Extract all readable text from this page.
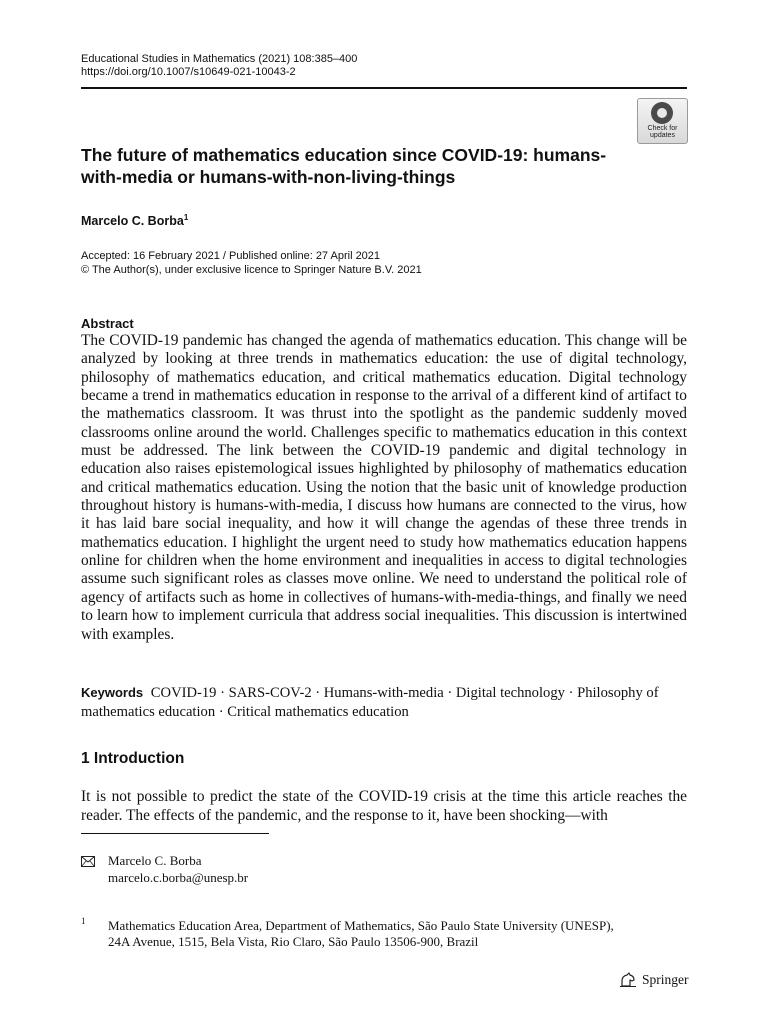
Educational Studies in Mathematics (2021) 108:385–400
https://doi.org/10.1007/s10649-021-10043-2
Check for
updates
The future of mathematics education since COVID-19: humans-with-media or humans-with-non-living-things
Marcelo C. Borba$^1$
Accepted: 16 February 2021 / Published online: 27 April 2021
© The Author(s), under exclusive licence to Springer Nature B.V. 2021
Abstract

The COVID-19 pandemic has changed the agenda of mathematics education. This change will be analyzed by looking at three trends in mathematics education: the use of digital technology, philosophy of mathematics education, and critical mathematics education. Digital technology became a trend in mathematics education in response to the arrival of a different kind of artifact to the mathematics classroom. It was thrust into the spotlight as the pandemic suddenly moved classrooms online around the world. Challenges specific to mathematics education in this context must be addressed. The link between the COVID-19 pandemic and digital technology in education also raises epistemological issues highlighted by philosophy of mathematics education and critical mathematics education. Using the notion that the basic unit of knowledge production throughout history is humans-with-media, I discuss how humans are connected to the virus, how it has laid bare social inequality, and how it will change the agendas of these three trends in mathematics education. I highlight the urgent need to study how mathematics education happens online for children when the home environment and inequalities in access to digital technologies assume such significant roles as classes move online. We need to understand the political role of agency of artifacts such as home in collectives of humans-with-media-things, and finally we need to learn how to implement curricula that address social inequalities. This discussion is intertwined with examples.

Keywords COVID-19 · SARS-COV-2 · Humans-with-media · Digital technology · Philosophy of mathematics education · Critical mathematics education

1 Introduction

It is not possible to predict the state of the COVID-19 crisis at the time this article reaches the reader. The effects of the pandemic, and the response to it, have been shocking—with

Marcelo C. Borba
marcelo.c.borba@unesp.br
1 Mathematics Education Area, Department of Mathematics, São Paulo State University (UNESP),
24A Avenue, 1515, Bela Vista, Rio Claro, São Paulo 13506-900, Brazil
Springer
